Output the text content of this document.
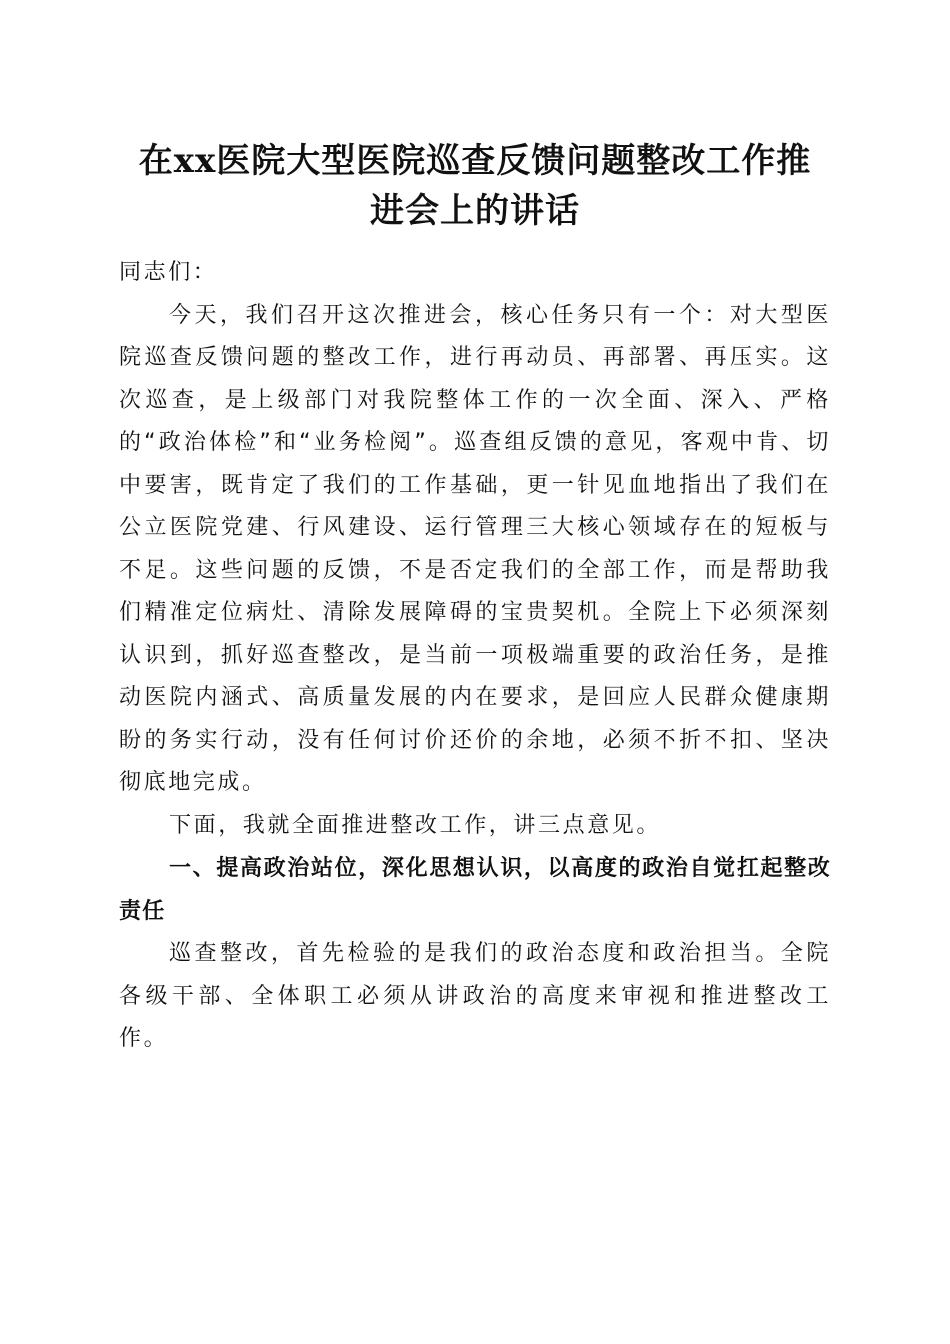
在xx医院大型医院巡查反馈问题整改工作推
进会上的讲话

同志们：

今天，我们召开这次推进会，核心任务只有一个：对大型医院巡查反馈问题的整改工作，进行再动员、再部署、再压实。这次巡查，是上级部门对我院整体工作的一次全面、深入、严格的“政治体检”和“业务检阅”。巡查组反馈的意见，客观中肯、切中要害，既肯定了我们的工作基础，更一针见血地指出了我们在公立医院党建、行风建设、运行管理三大核心领域存在的短板与不足。这些问题的反馈，不是否定我们的全部工作，而是帮助我们精准定位病灶、清除发展障碍的宝贵契机。全院上下必须深刻认识到，抓好巡查整改，是当前一项极端重要的政治任务，是推动医院内涵式、高质量发展的内在要求，是回应人民群众健康期盼的务实行动，没有任何讨价还价的余地，必须不折不扣、坚决彻底地完成。

下面，我就全面推进整改工作，讲三点意见。

一、提高政治站位，深化思想认识，以高度的政治自觉扛起整改责任

巡查整改，首先检验的是我们的政治态度和政治担当。全院各级干部、全体职工必须从讲政治的高度来审视和推进整改工作。
